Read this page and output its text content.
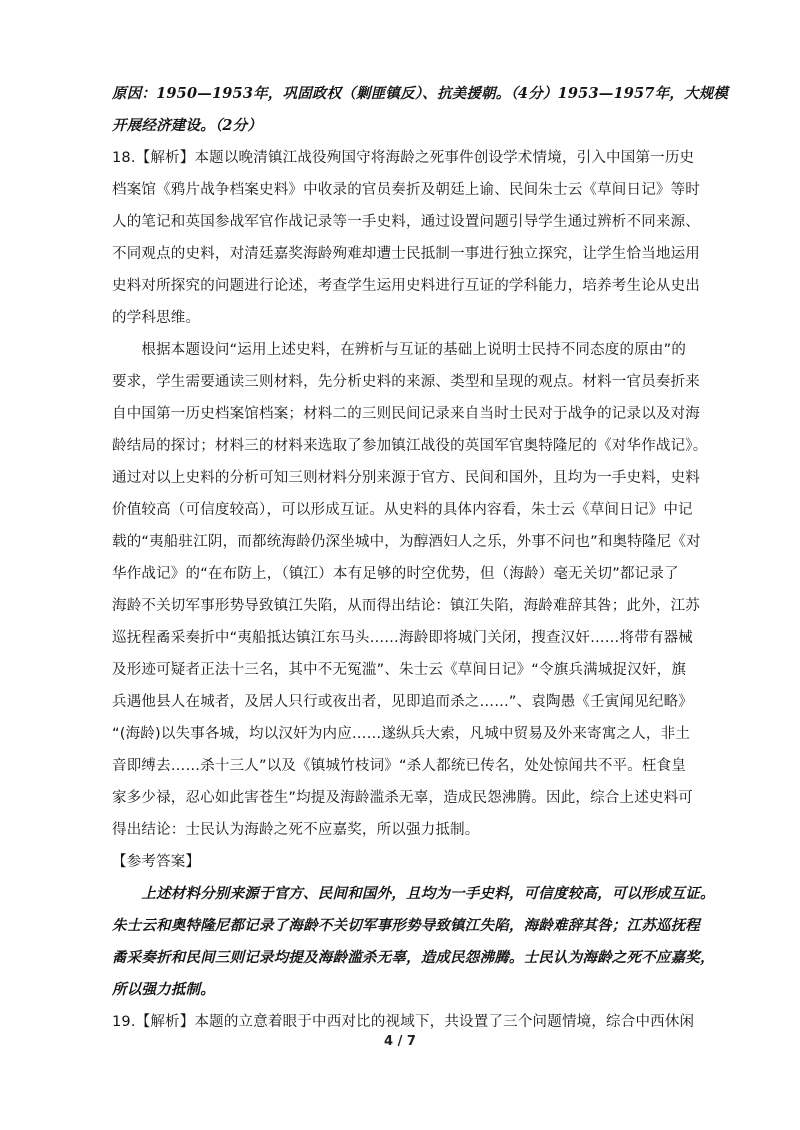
原因：1950—1953年，巩固政权（剿匪镇反）、抗美援朝。（4分）1953—1957年，大规模
开展经济建设。（2分）
18.【解析】本题以晚清镇江战役殉国守将海龄之死事件创设学术情境，引入中国第一历史
档案馆《鸦片战争档案史料》中收录的官员奏折及朝廷上谕、民间朱士云《草间日记》等时
人的笔记和英国参战军官作战记录等一手史料，通过设置问题引导学生通过辨析不同来源、
不同观点的史料，对清廷嘉奖海龄殉难却遭士民抵制一事进行独立探究，让学生恰当地运用
史料对所探究的问题进行论述，考查学生运用史料进行互证的学科能力，培养考生论从史出
的学科思维。
　　根据本题设问“运用上述史料，在辨析与互证的基础上说明士民持不同态度的原由”的
要求，学生需要通读三则材料，先分析史料的来源、类型和呈现的观点。材料一官员奏折来
自中国第一历史档案馆档案；材料二的三则民间记录来自当时士民对于战争的记录以及对海
龄结局的探讨；材料三的材料来选取了参加镇江战役的英国军官奥特隆尼的《对华作战记》。
通过对以上史料的分析可知三则材料分别来源于官方、民间和国外，且均为一手史料，史料
价值较高（可信度较高），可以形成互证。从史料的具体内容看，朱士云《草间日记》中记
载的“夷船驻江阴，而都统海龄仍深坐城中，为醇酒妇人之乐，外事不问也”和奥特隆尼《对
华作战记》的“在布防上，（镇江）本有足够的时空优势，但（海龄）毫无关切”都记录了
海龄不关切军事形势导致镇江失陷，从而得出结论：镇江失陷，海龄难辞其咎；此外，江苏
巡抚程矞采奏折中“夷船抵达镇江东马头……海龄即将城门关闭，搜查汉奸……将带有器械
及形迹可疑者正法十三名，其中不无冤滥”、朱士云《草间日记》“令旗兵满城捉汉奸，旗
兵遇他县人在城者，及居人只行或夜出者，见即追而杀之……”、袁陶愚《壬寅闻见纪略》
“(海龄)以失事各城，均以汉奸为内应……遂纵兵大索，凡城中贸易及外来寄寓之人，非土
音即缚去……杀十三人”以及《镇城竹枝词》“杀人都统已传名，处处惊闻共不平。枉食皇
家多少禄，忍心如此害苍生”均提及海龄滥杀无辜，造成民怨沸腾。因此，综合上述史料可
得出结论：士民认为海龄之死不应嘉奖，所以强力抵制。
【参考答案】
　　上述材料分别来源于官方、民间和国外，且均为一手史料，可信度较高，可以形成互证。
朱士云和奥特隆尼都记录了海龄不关切军事形势导致镇江失陷，海龄难辞其咎；江苏巡抚程
矞采奏折和民间三则记录均提及海龄滥杀无辜，造成民怨沸腾。士民认为海龄之死不应嘉奖，
所以强力抵制。
19.【解析】本题的立意着眼于中西对比的视域下，共设置了三个问题情境，综合中西休闲
4 / 7
